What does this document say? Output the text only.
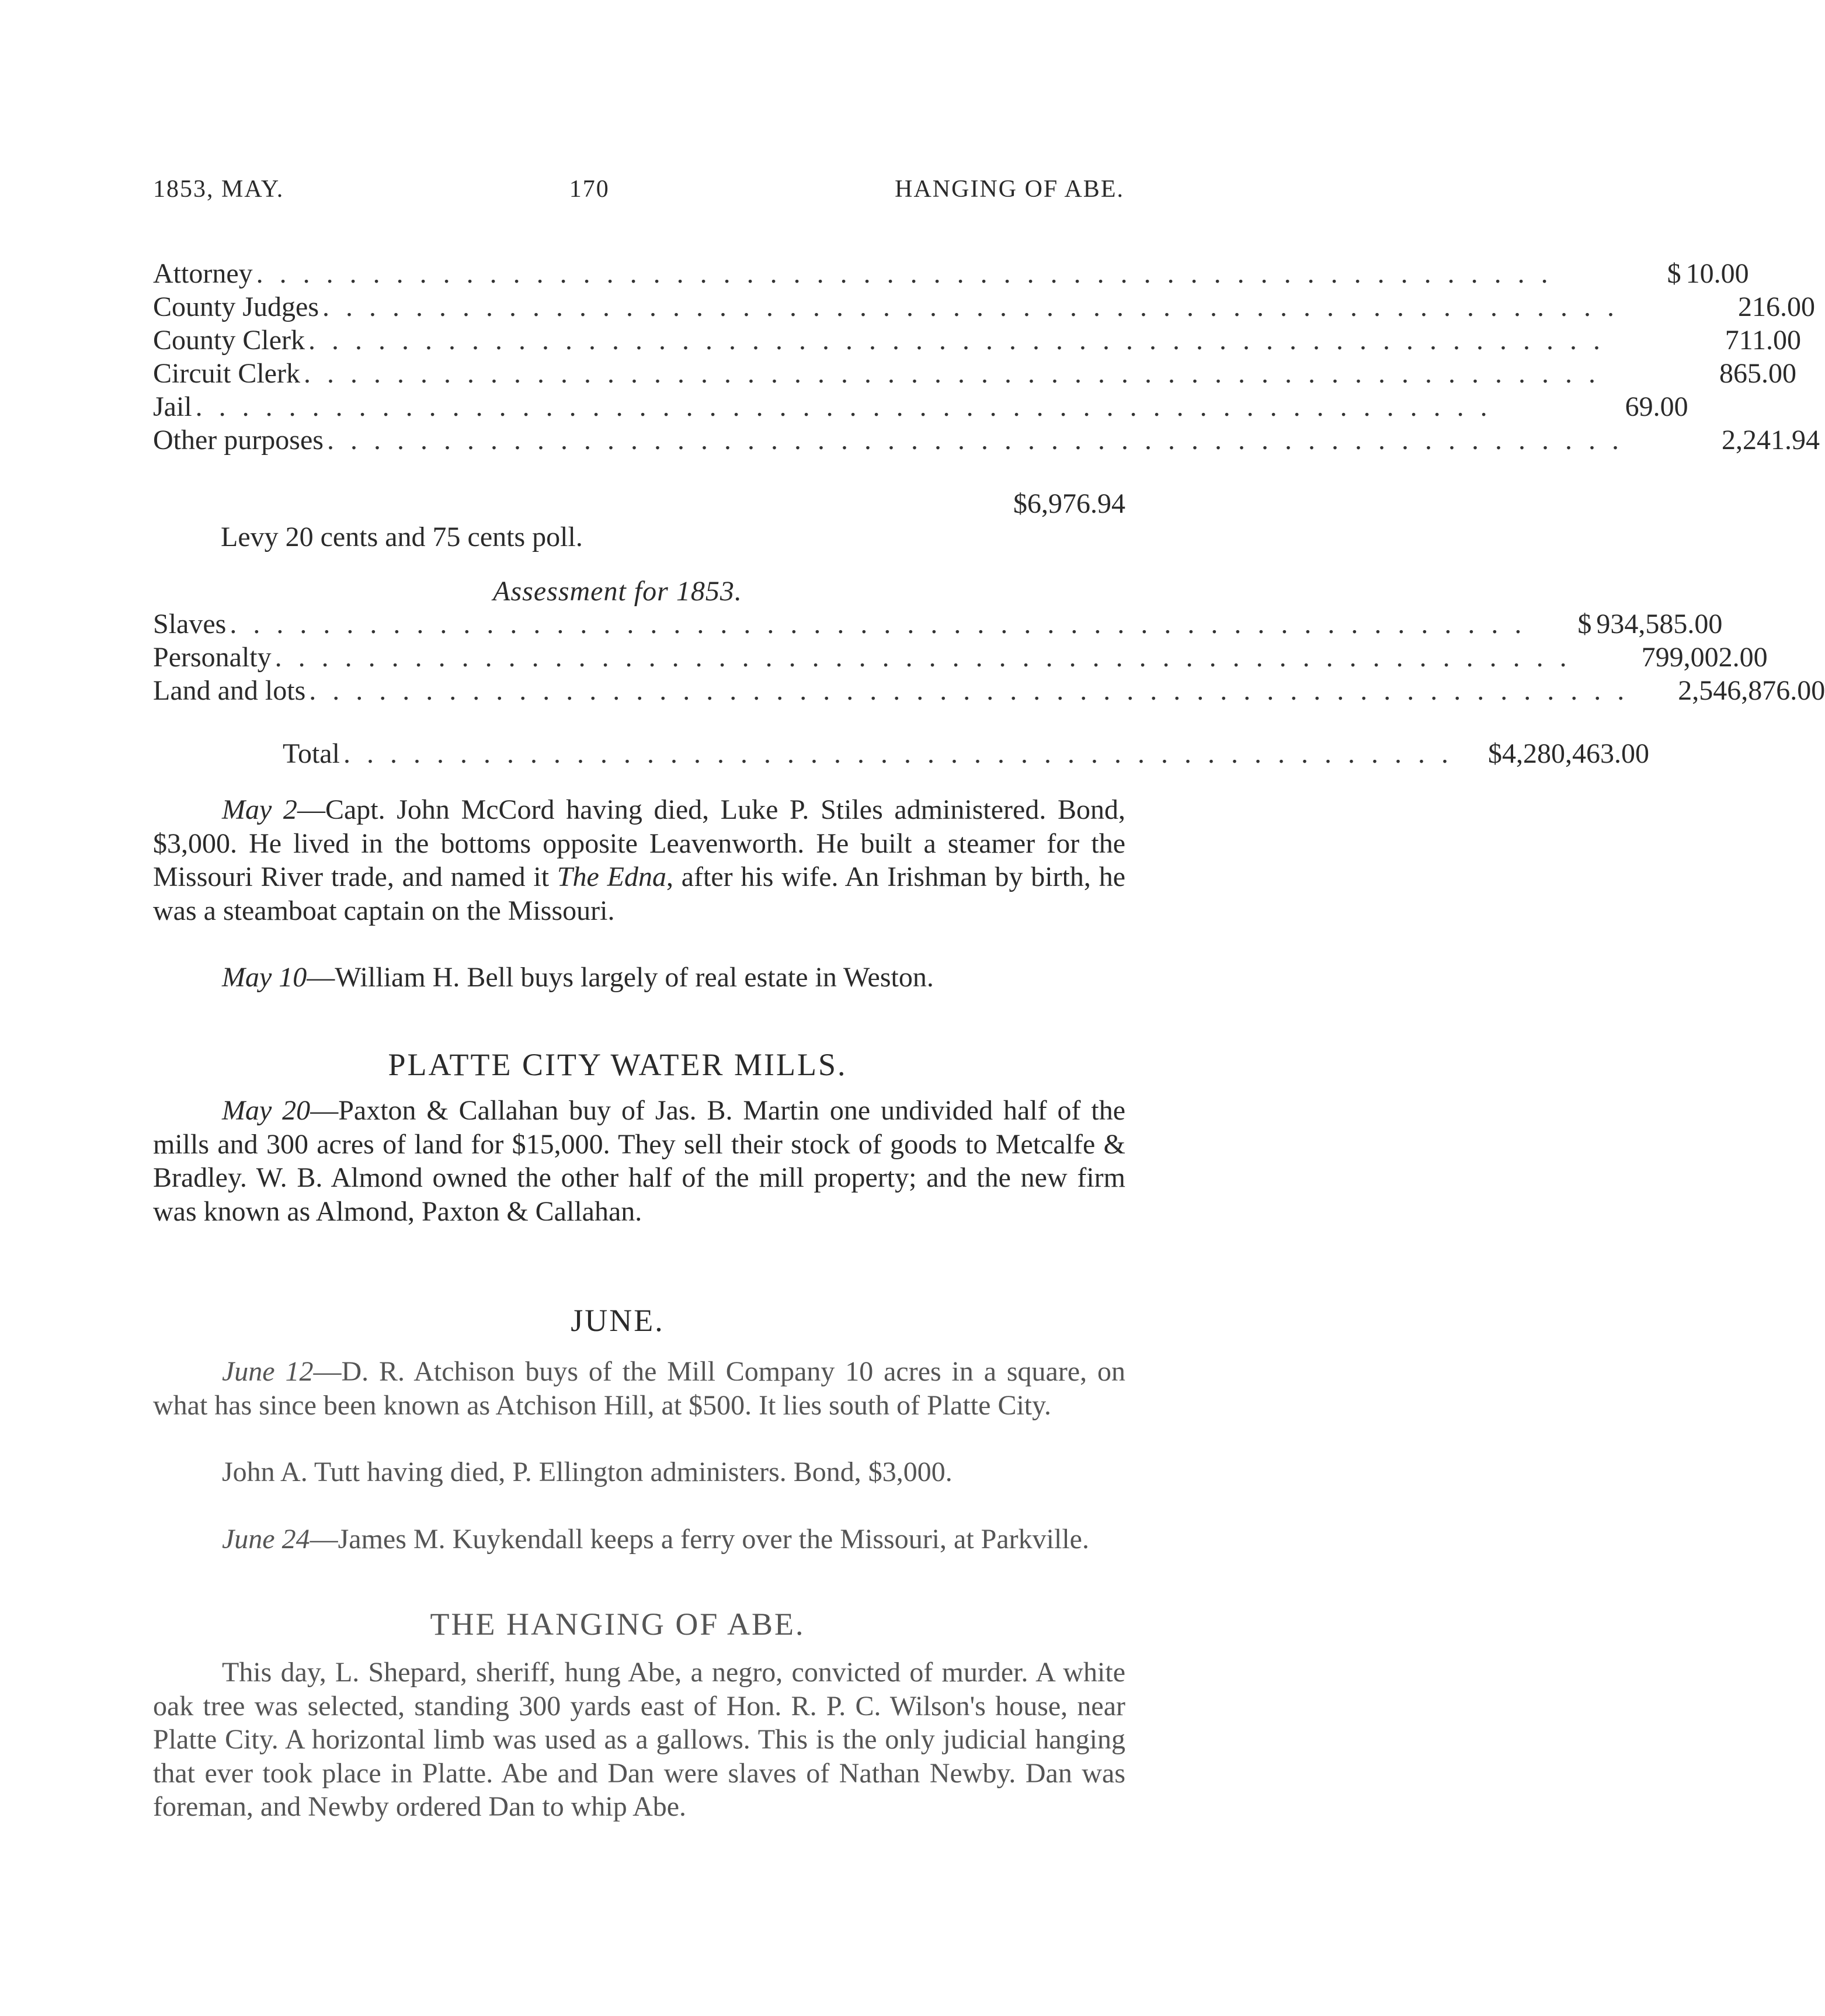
1853, MAY.	170	HANGING OF ABE.
Attorney . . . . . . . . . . . . . . . . . . . . . . . . . . . . . . . . . . . . . . . . . . . . . . . . . . . . . . . .	$ 10.00
County Judges . . . . . . . . . . . . . . . . . . . . . . . . . . . . . . . . . . . . . . . . . . . . . . . . . . . . . . . .	216.00
County Clerk . . . . . . . . . . . . . . . . . . . . . . . . . . . . . . . . . . . . . . . . . . . . . . . . . . . . . . . .	711.00
Circuit Clerk . . . . . . . . . . . . . . . . . . . . . . . . . . . . . . . . . . . . . . . . . . . . . . . . . . . . . . . .	865.00
Jail . . . . . . . . . . . . . . . . . . . . . . . . . . . . . . . . . . . . . . . . . . . . . . . . . . . . . . . .	69.00
Other purposes . . . . . . . . . . . . . . . . . . . . . . . . . . . . . . . . . . . . . . . . . . . . . . . . . . . . . . . .	2,241.94
$6,976.94
Levy 20 cents and 75 cents poll.
Assessment for 1853.
Slaves . . . . . . . . . . . . . . . . . . . . . . . . . . . . . . . . . . . . . . . . . . . . . . . . . . . . . . . .	$ 934,585.00
Personalty . . . . . . . . . . . . . . . . . . . . . . . . . . . . . . . . . . . . . . . . . . . . . . . . . . . . . . . .	799,002.00
Land and lots . . . . . . . . . . . . . . . . . . . . . . . . . . . . . . . . . . . . . . . . . . . . . . . . . . . . . . . . .	2,546,876.00
Total . . . . . . . . . . . . . . . . . . . . . . . . . . . . . . . . . . . . . . . . . . . . . . . .	$4,280,463.00

May 2—Capt. John McCord having died, Luke P. Stiles administered. Bond, $3,000. He lived in the bottoms opposite Leavenworth. He built a steamer for the Missouri River trade, and named it The Edna, after his wife. An Irishman by birth, he was a steamboat captain on the Missouri.

May 10—William H. Bell buys largely of real estate in Weston.

PLATTE CITY WATER MILLS.

May 20—Paxton & Callahan buy of Jas. B. Martin one undivided half of the mills and 300 acres of land for $15,000. They sell their stock of goods to Metcalfe & Bradley. W. B. Almond owned the other half of the mill property; and the new firm was known as Almond, Paxton & Callahan.

JUNE.

June 12—D. R. Atchison buys of the Mill Company 10 acres in a square, on what has since been known as Atchison Hill, at $500. It lies south of Platte City.

John A. Tutt having died, P. Ellington administers. Bond, $3,000.

June 24—James M. Kuykendall keeps a ferry over the Missouri, at Parkville.

THE HANGING OF ABE.

This day, L. Shepard, sheriff, hung Abe, a negro, convicted of murder. A white oak tree was selected, standing 300 yards east of Hon. R. P. C. Wilson's house, near Platte City. A horizontal limb was used as a gallows. This is the only judicial hanging that ever took place in Platte. Abe and Dan were slaves of Nathan Newby. Dan was foreman, and Newby ordered Dan to whip Abe.
